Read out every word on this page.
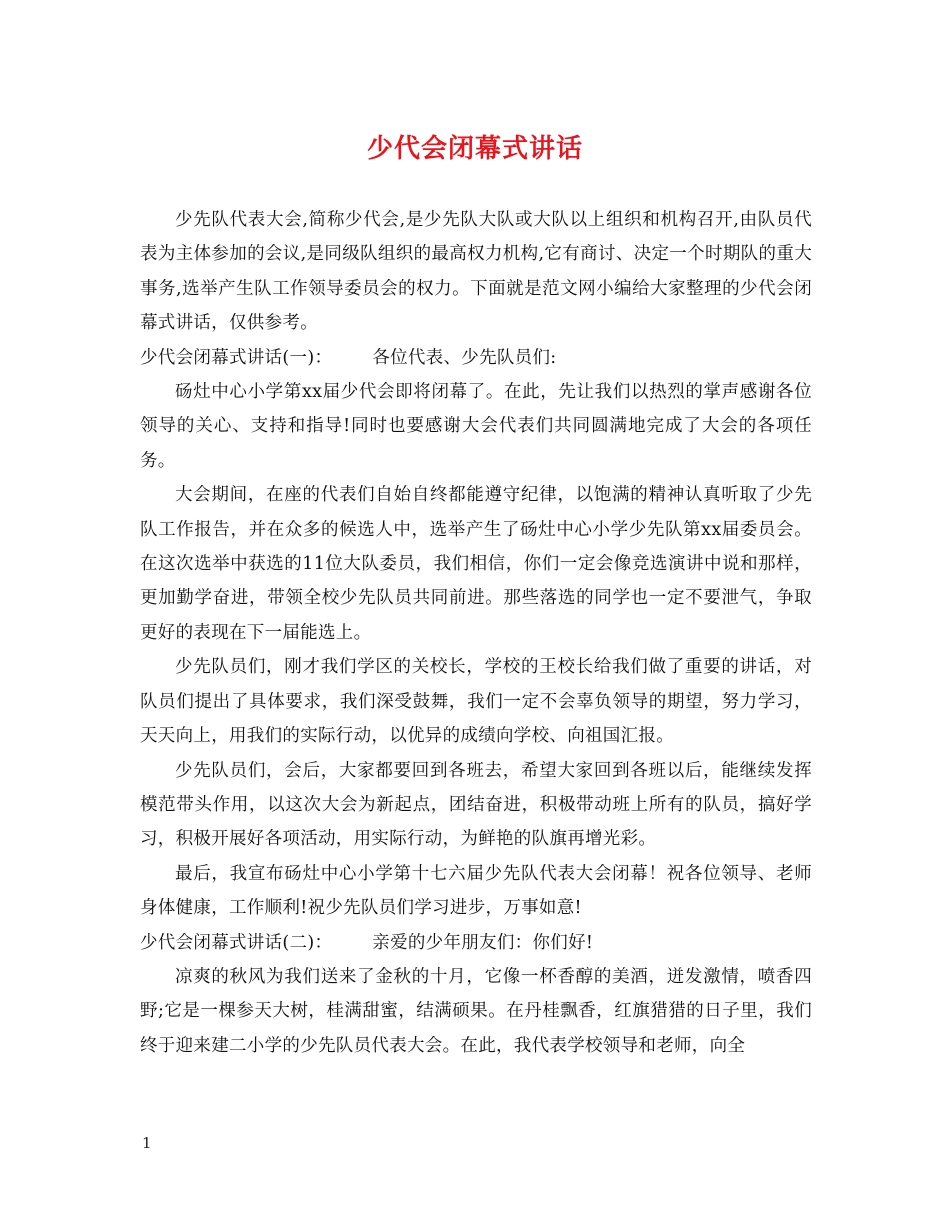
少代会闭幕式讲话

少先队代表大会,简称少代会,是少先队大队或大队以上组织和机构召开,由队员代表为主体参加的会议,是同级队组织的最高权力机构,它有商讨、决定一个时期队的重大事务,选举产生队工作领导委员会的权力。下面就是范文网小编给大家整理的少代会闭幕式讲话，仅供参考。

少代会闭幕式讲话(一)： 各位代表、少先队员们:

砀灶中心小学第xx届少代会即将闭幕了。在此，先让我们以热烈的掌声感谢各位领导的关心、支持和指导!同时也要感谢大会代表们共同圆满地完成了大会的各项任务。

大会期间，在座的代表们自始自终都能遵守纪律，以饱满的精神认真听取了少先队工作报告，并在众多的候选人中，选举产生了砀灶中心小学少先队第xx届委员会。在这次选举中获选的11位大队委员，我们相信，你们一定会像竞选演讲中说和那样，更加勤学奋进，带领全校少先队员共同前进。那些落选的同学也一定不要泄气，争取更好的表现在下一届能选上。

少先队员们，刚才我们学区的关校长，学校的王校长给我们做了重要的讲话，对队员们提出了具体要求，我们深受鼓舞，我们一定不会辜负领导的期望，努力学习，天天向上，用我们的实际行动，以优异的成绩向学校、向祖国汇报。

少先队员们，会后，大家都要回到各班去，希望大家回到各班以后，能继续发挥模范带头作用，以这次大会为新起点，团结奋进，积极带动班上所有的队员，搞好学习，积极开展好各项活动，用实际行动，为鲜艳的队旗再增光彩。

最后，我宣布砀灶中心小学第十七六届少先队代表大会闭幕！祝各位领导、老师身体健康，工作顺利!祝少先队员们学习进步，万事如意!

少代会闭幕式讲话(二)： 亲爱的少年朋友们：你们好!

凉爽的秋风为我们送来了金秋的十月，它像一杯香醇的美酒，迸发激情，喷香四野;它是一棵参天大树，桂满甜蜜，结满硕果。在丹桂飘香，红旗猎猎的日子里，我们终于迎来建二小学的少先队员代表大会。在此，我代表学校领导和老师，向全

1
